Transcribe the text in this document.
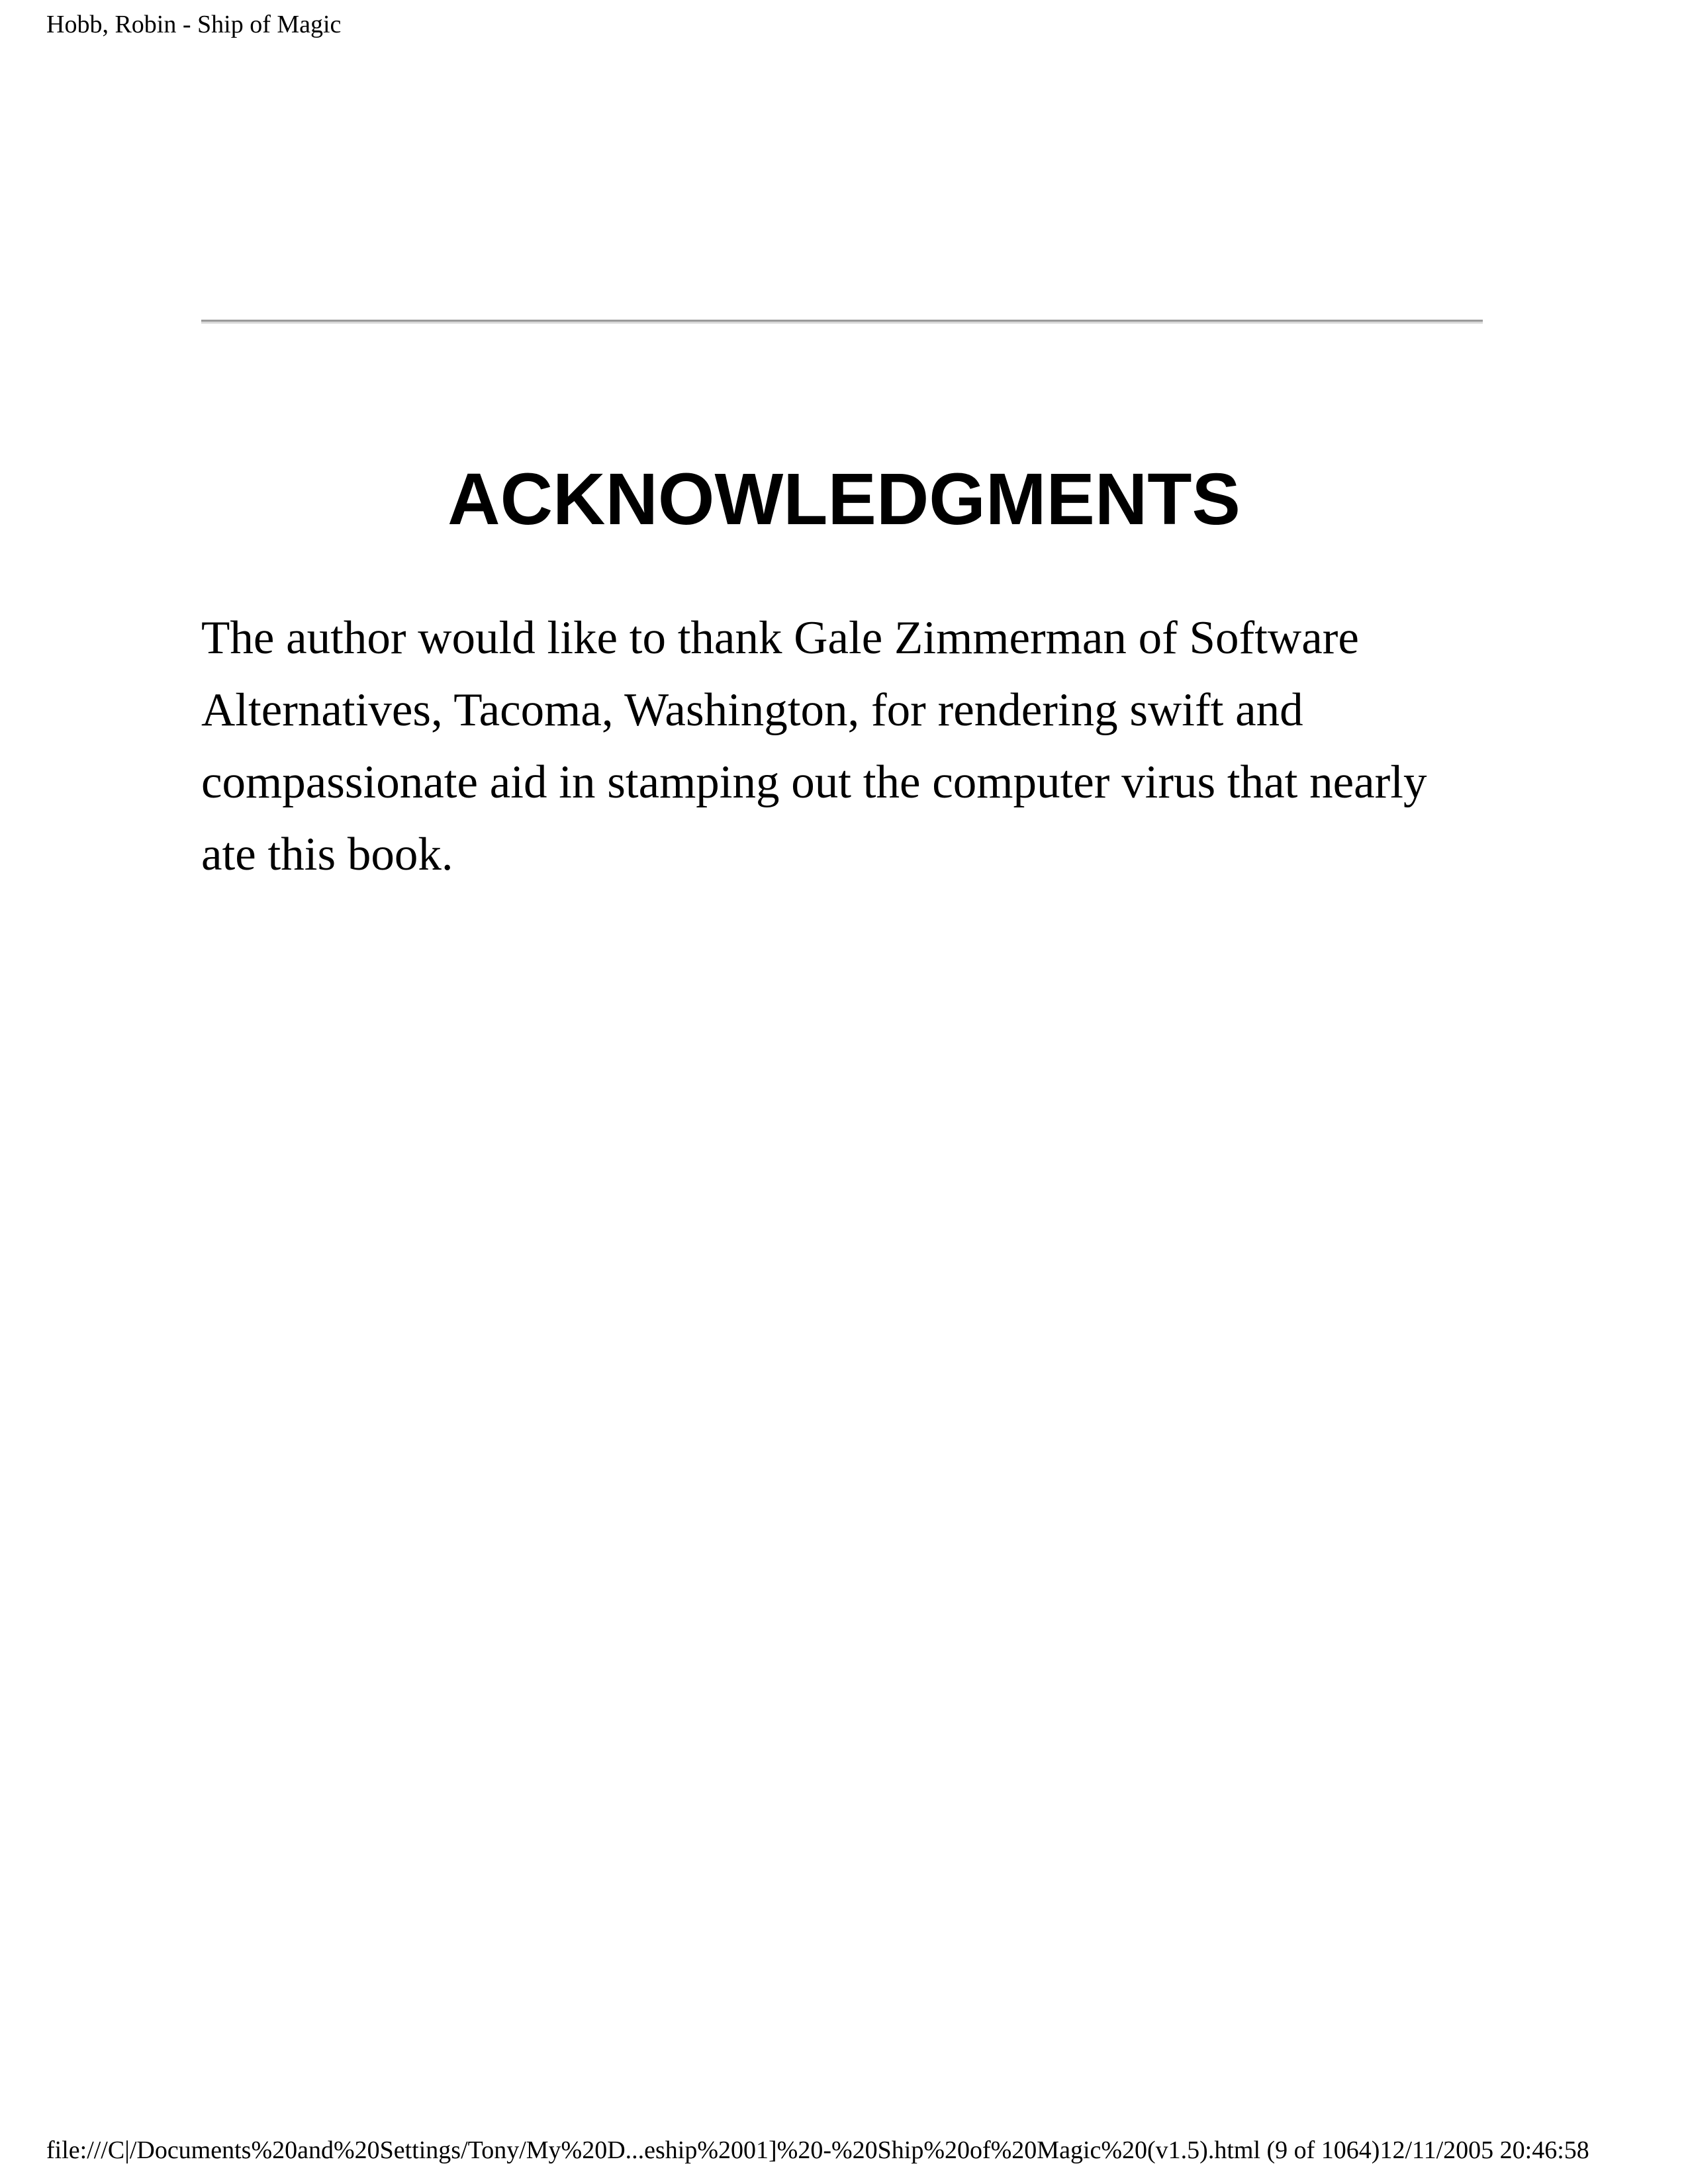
Hobb, Robin - Ship of Magic
ACKNOWLEDGMENTS

The author would like to thank Gale Zimmerman of Software
Alternatives, Tacoma, Washington, for rendering swift and
compassionate aid in stamping out the computer virus that nearly
ate this book.

file:///C|/Documents%20and%20Settings/Tony/My%20D...eship%2001]%20-%20Ship%20of%20Magic%20(v1.5).html (9 of 1064)12/11/2005 20:46:58
